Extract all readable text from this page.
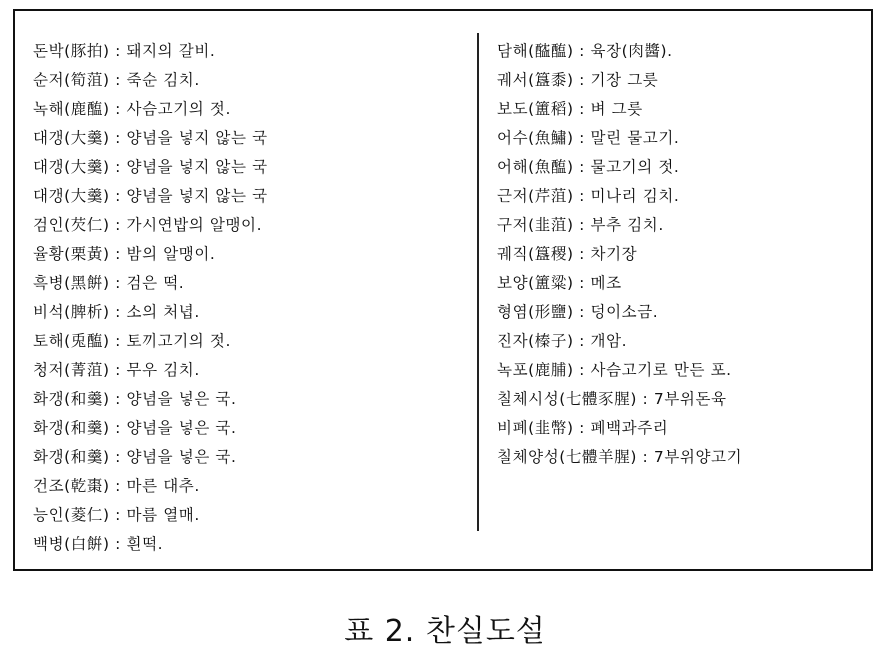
돈박(豚拍) : 돼지의 갈비.
순저(筍菹) : 죽순 김치.
녹해(鹿醢) : 사슴고기의 젓.
대갱(大羹) : 양념을 넣지 않는 국
대갱(大羹) : 양념을 넣지 않는 국
대갱(大羹) : 양념을 넣지 않는 국
검인(芡仁) : 가시연밥의 알맹이.
율황(栗黃) : 밤의 알맹이.
흑병(黑餠) : 검은 떡.
비석(脾析) : 소의 처녑.
토해(兎醢) : 토끼고기의 젓.
청저(菁菹) : 무우 김치.
화갱(和羹) : 양념을 넣은 국.
화갱(和羹) : 양념을 넣은 국.
화갱(和羹) : 양념을 넣은 국.
건조(乾棗) : 마른 대추.
능인(菱仁) : 마름 열매.
백병(白餠) : 흰떡.
담해(醓醢) : 육장(肉醬).
궤서(簋黍) : 기장 그릇
보도(簠稻) : 벼 그릇
어수(魚鱐) : 말린 물고기.
어해(魚醢) : 물고기의 젓.
근저(芹菹) : 미나리 김치.
구저(韭菹) : 부추 김치.
궤직(簋稷) : 차기장
보양(簠粱) : 메조
형염(形鹽) : 덩이소금.
진자(榛子) : 개암.
녹포(鹿脯) : 사슴고기로 만든 포.
칠체시성(七體豕腥) : 7부위돈육
비폐(韭幣) : 폐백과주리
칠체양성(七體羊腥) : 7부위양고기
표 2. 찬실도설
